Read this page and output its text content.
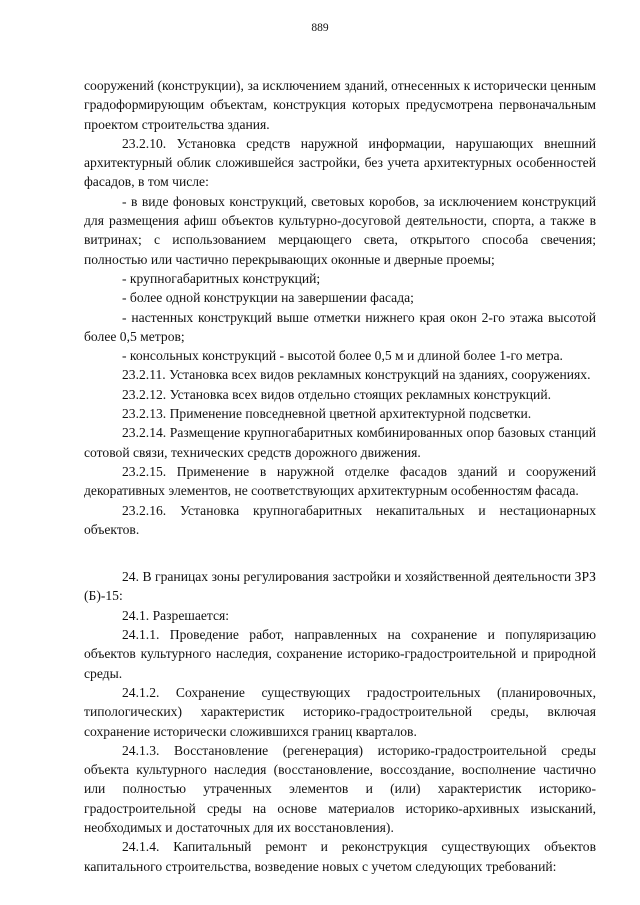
889

сооружений (конструкции), за исключением зданий, отнесенных к исторически ценным градоформирующим объектам, конструкция которых предусмотрена первоначальным проектом строительства здания.

23.2.10. Установка средств наружной информации, нарушающих внешний архитектурный облик сложившейся застройки, без учета архитектурных особенностей фасадов, в том числе:

- в виде фоновых конструкций, световых коробов, за исключением конструкций для размещения афиш объектов культурно-досуговой деятельности, спорта, а также в витринах; с использованием мерцающего света, открытого способа свечения; полностью или частично перекрывающих оконные и дверные проемы;

- крупногабаритных конструкций;

- более одной конструкции на завершении фасада;

- настенных конструкций выше отметки нижнего края окон 2-го этажа высотой более 0,5 метров;

- консольных конструкций - высотой более 0,5 м и длиной более 1-го метра.

23.2.11. Установка всех видов рекламных конструкций на зданиях, сооружениях.

23.2.12. Установка всех видов отдельно стоящих рекламных конструкций.

23.2.13. Применение повседневной цветной архитектурной подсветки.

23.2.14. Размещение крупногабаритных комбинированных опор базовых станций сотовой связи, технических средств дорожного движения.

23.2.15. Применение в наружной отделке фасадов зданий и сооружений декоративных элементов, не соответствующих архитектурным особенностям фасада.

23.2.16. Установка крупногабаритных некапитальных и нестационарных объектов.

24. В границах зоны регулирования застройки и хозяйственной деятельности ЗРЗ (Б)-15:

24.1. Разрешается:

24.1.1. Проведение работ, направленных на сохранение и популяризацию объектов культурного наследия, сохранение историко-градостроительной и природной среды.

24.1.2. Сохранение существующих градостроительных (планировочных, типологических) характеристик историко-градостроительной среды, включая сохранение исторически сложившихся границ кварталов.

24.1.3. Восстановление (регенерация) историко-градостроительной среды объекта культурного наследия (восстановление, воссоздание, восполнение частично или полностью утраченных элементов и (или) характеристик историко-градостроительной среды на основе материалов историко-архивных изысканий, необходимых и достаточных для их восстановления).

24.1.4. Капитальный ремонт и реконструкция существующих объектов капитального строительства, возведение новых с учетом следующих требований:
